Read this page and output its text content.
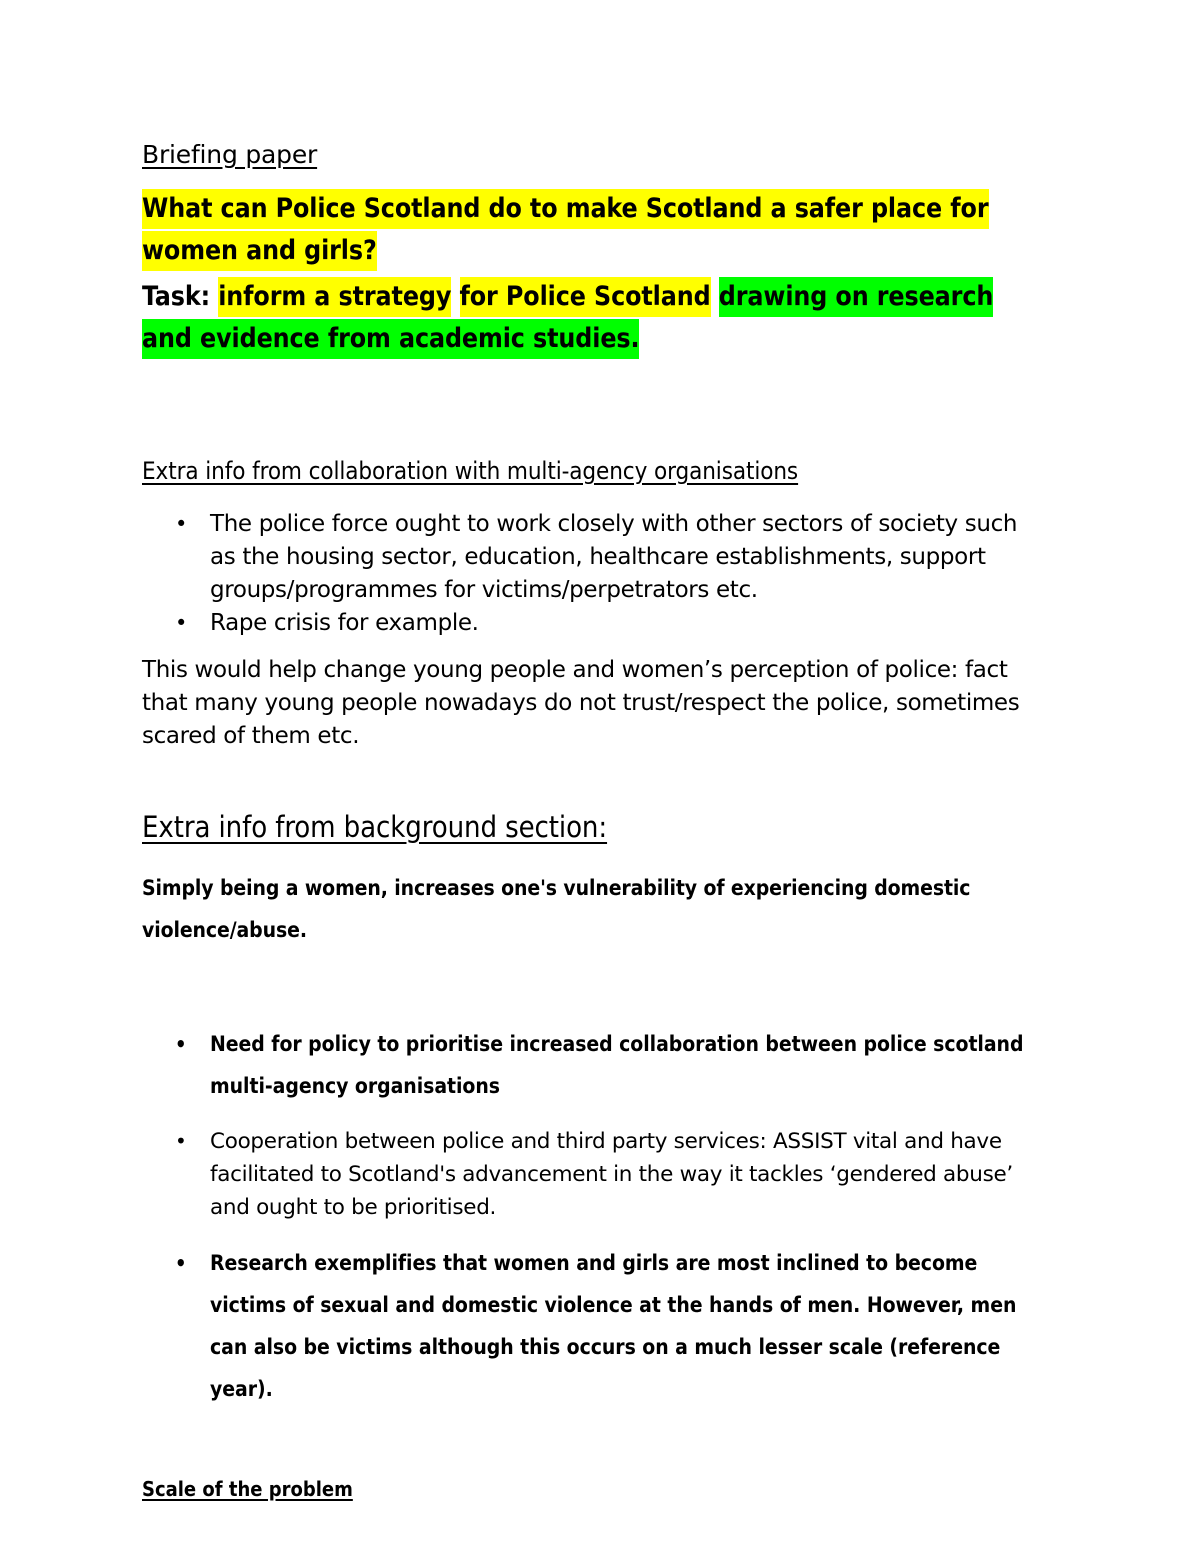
Briefing paper
What can Police Scotland do to make Scotland a safer place for
women and girls?
Task: inform a strategy for Police Scotland drawing on research and evidence from academic studies.
Extra info from collaboration with multi-agency organisations
• The police force ought to work closely with other sectors of society such as the housing sector, education, healthcare establishments, support groups/programmes for victims/perpetrators etc.
• Rape crisis for example.
This would help change young people and women’s perception of police: fact that many young people nowadays do not trust/respect the police, sometimes scared of them etc.
Extra info from background section:
Simply being a women, increases one's vulnerability of experiencing domestic violence/abuse.
• Need for policy to prioritise increased collaboration between police scotland multi-agency organisations
• Cooperation between police and third party services: ASSIST vital and have facilitated to Scotland's advancement in the way it tackles ‘gendered abuse’ and ought to be prioritised.
• Research exemplifies that women and girls are most inclined to become victims of sexual and domestic violence at the hands of men. However, men can also be victims although this occurs on a much lesser scale (reference year).
Scale of the problem
